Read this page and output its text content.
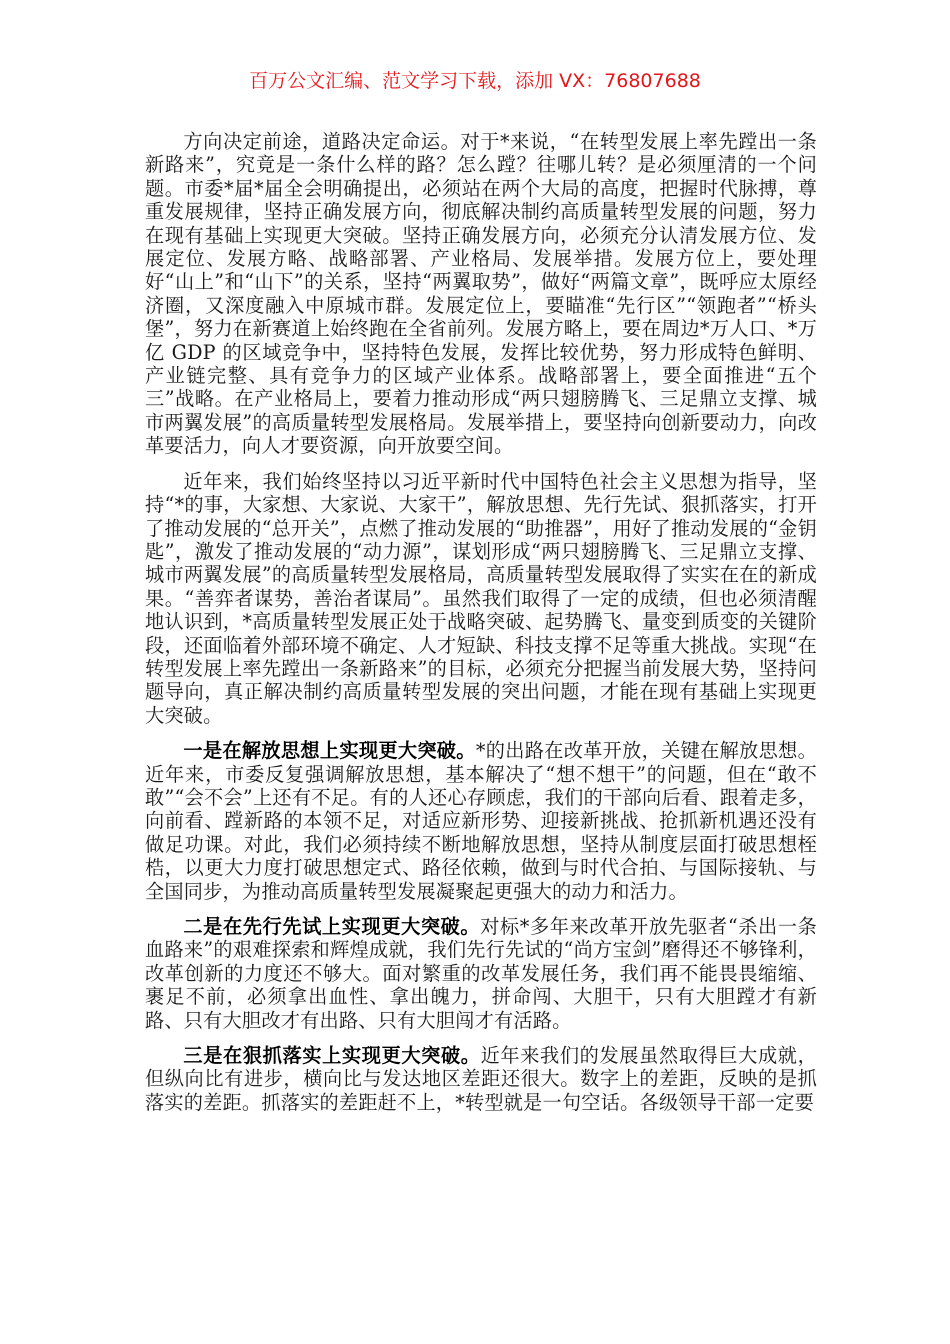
百万公文汇编、范文学习下载，添加 VX：76807688

方向决定前途，道路决定命运。对于*来说，“在转型发展上率先蹚出一条新路来”，究竟是一条什么样的路？怎么蹚？往哪儿转？是必须厘清的一个问题。市委*届*届全会明确提出，必须站在两个大局的高度，把握时代脉搏，尊重发展规律，坚持正确发展方向，彻底解决制约高质量转型发展的问题，努力在现有基础上实现更大突破。坚持正确发展方向，必须充分认清发展方位、发展定位、发展方略、战略部署、产业格局、发展举措。发展方位上，要处理好“山上”和“山下”的关系，坚持“两翼取势”，做好“两篇文章”，既呼应太原经济圈，又深度融入中原城市群。发展定位上，要瞄准“先行区”“领跑者”“桥头堡”，努力在新赛道上始终跑在全省前列。发展方略上，要在周边*万人口、*万亿 GDP 的区域竞争中，坚持特色发展，发挥比较优势，努力形成特色鲜明、产业链完整、具有竞争力的区域产业体系。战略部署上，要全面推进“五个三”战略。在产业格局上，要着力推动形成“两只翅膀腾飞、三足鼎立支撑、城市两翼发展”的高质量转型发展格局。发展举措上，要坚持向创新要动力，向改革要活力，向人才要资源，向开放要空间。

近年来，我们始终坚持以习近平新时代中国特色社会主义思想为指导，坚持“*的事，大家想、大家说、大家干”，解放思想、先行先试、狠抓落实，打开了推动发展的“总开关”，点燃了推动发展的“助推器”，用好了推动发展的“金钥匙”，激发了推动发展的“动力源”，谋划形成“两只翅膀腾飞、三足鼎立支撑、城市两翼发展”的高质量转型发展格局，高质量转型发展取得了实实在在的新成果。“善弈者谋势，善治者谋局”。虽然我们取得了一定的成绩，但也必须清醒地认识到，*高质量转型发展正处于战略突破、起势腾飞、量变到质变的关键阶段，还面临着外部环境不确定、人才短缺、科技支撑不足等重大挑战。实现“在转型发展上率先蹚出一条新路来”的目标，必须充分把握当前发展大势，坚持问题导向，真正解决制约高质量转型发展的突出问题，才能在现有基础上实现更大突破。

一是在解放思想上实现更大突破。*的出路在改革开放，关键在解放思想。近年来，市委反复强调解放思想，基本解决了“想不想干”的问题，但在“敢不敢”“会不会”上还有不足。有的人还心存顾虑，我们的干部向后看、跟着走多，向前看、蹚新路的本领不足，对适应新形势、迎接新挑战、抢抓新机遇还没有做足功课。对此，我们必须持续不断地解放思想，坚持从制度层面打破思想桎梏，以更大力度打破思想定式、路径依赖，做到与时代合拍、与国际接轨、与全国同步，为推动高质量转型发展凝聚起更强大的动力和活力。

二是在先行先试上实现更大突破。对标*多年来改革开放先驱者“杀出一条血路来”的艰难探索和辉煌成就，我们先行先试的“尚方宝剑”磨得还不够锋利，改革创新的力度还不够大。面对繁重的改革发展任务，我们再不能畏畏缩缩、裹足不前，必须拿出血性、拿出魄力，拼命闯、大胆干，只有大胆蹚才有新路、只有大胆改才有出路、只有大胆闯才有活路。

三是在狠抓落实上实现更大突破。近年来我们的发展虽然取得巨大成就，但纵向比有进步，横向比与发达地区差距还很大。数字上的差距，反映的是抓落实的差距。抓落实的差距赶不上，*转型就是一句空话。各级领导干部一定要
